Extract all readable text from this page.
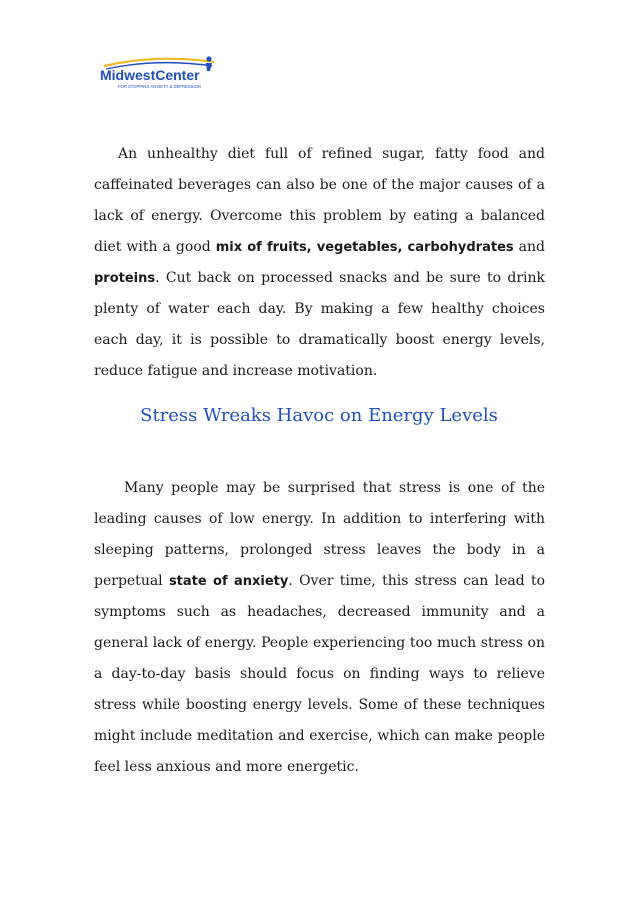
MidwestCenter
FOR STOPPING ANXIETY & DEPRESSION

An unhealthy diet full of refined sugar, fatty food and caffeinated beverages can also be one of the major causes of a lack of energy. Overcome this problem by eating a balanced diet with a good mix of fruits, vegetables, carbohydrates and proteins. Cut back on processed snacks and be sure to drink plenty of water each day. By making a few healthy choices each day, it is possible to dramatically boost energy levels, reduce fatigue and increase motivation.

Stress Wreaks Havoc on Energy Levels

Many people may be surprised that stress is one of the leading causes of low energy. In addition to interfering with sleeping patterns, prolonged stress leaves the body in a perpetual state of anxiety. Over time, this stress can lead to symptoms such as headaches, decreased immunity and a general lack of energy. People experiencing too much stress on a day-to-day basis should focus on finding ways to relieve stress while boosting energy levels. Some of these techniques might include meditation and exercise, which can make people feel less anxious and more energetic.
